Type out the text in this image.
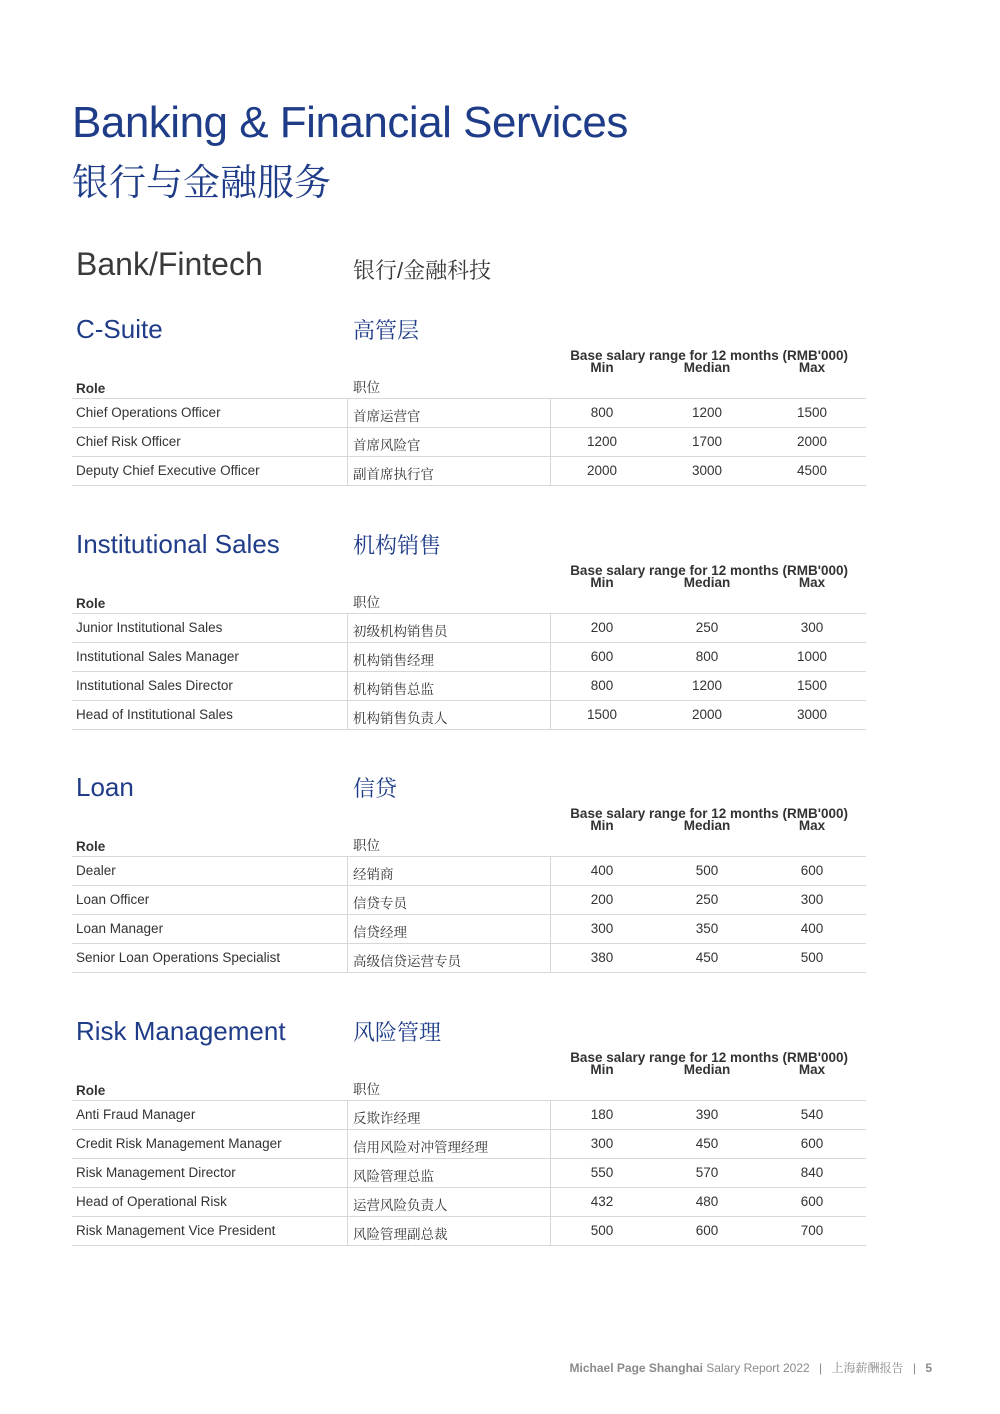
Banking & Financial Services
银行与金融服务
Bank/Fintech	银行/金融科技
C-Suite	高管层
Base salary range for 12 months (RMB'000)
Role	职位
Min	Median	Max
Chief Operations Officer	首席运营官	800	1200	1500
Chief Risk Officer	首席风险官	1200	1700	2000
Deputy Chief Executive Officer	副首席执行官	2000	3000	4500
Institutional Sales	机构销售
Base salary range for 12 months (RMB'000)
Role	职位
Min	Median	Max
Junior Institutional Sales	初级机构销售员	200	250	300
Institutional Sales Manager	机构销售经理	600	800	1000
Institutional Sales Director	机构销售总监	800	1200	1500
Head of Institutional Sales	机构销售负责人	1500	2000	3000
Loan	信贷
Base salary range for 12 months (RMB'000)
Role	职位
Min	Median	Max
Dealer	经销商	400	500	600
Loan Officer	信贷专员	200	250	300
Loan Manager	信贷经理	300	350	400
Senior Loan Operations Specialist	高级信贷运营专员	380	450	500
Risk Management	风险管理
Base salary range for 12 months (RMB'000)
Role	职位
Min	Median	Max
Anti Fraud Manager	反欺诈经理	180	390	540
Credit Risk Management Manager	信用风险对冲管理经理	300	450	600
Risk Management Director	风险管理总监	550	570	840
Head of Operational Risk	运营风险负责人	432	480	600
Risk Management Vice President	风险管理副总裁	500	600	700
Michael Page Shanghai Salary Report 2022 | 上海薪酬报告 | 5
